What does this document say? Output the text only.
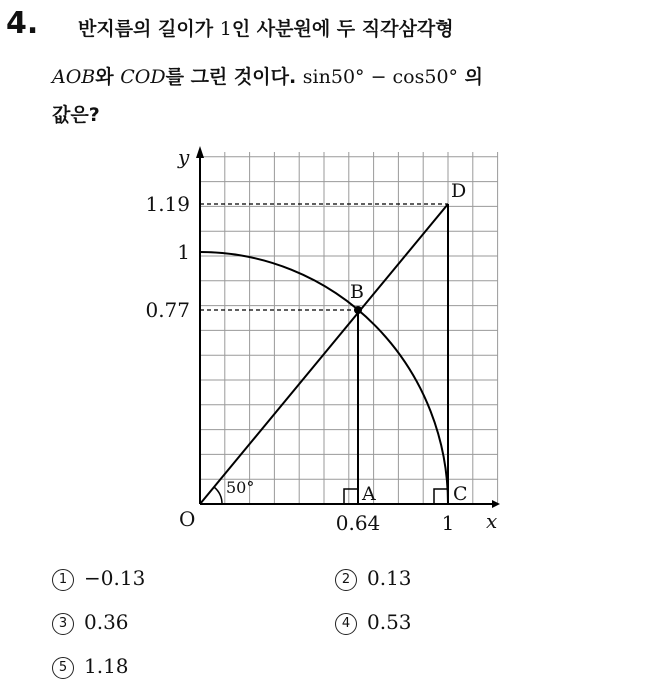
4. 반지름의 길이가 1인 사분원에 두 직각삼각형
AOB와 COD를 그린 것이다. sin50° − cos50° 의
값은?
y
x
O
1.19
1
0.77
0.64	1
A
B
C
D
50°
1 −0.13	2 0.13
3 0.36	4 0.53
5 1.18
